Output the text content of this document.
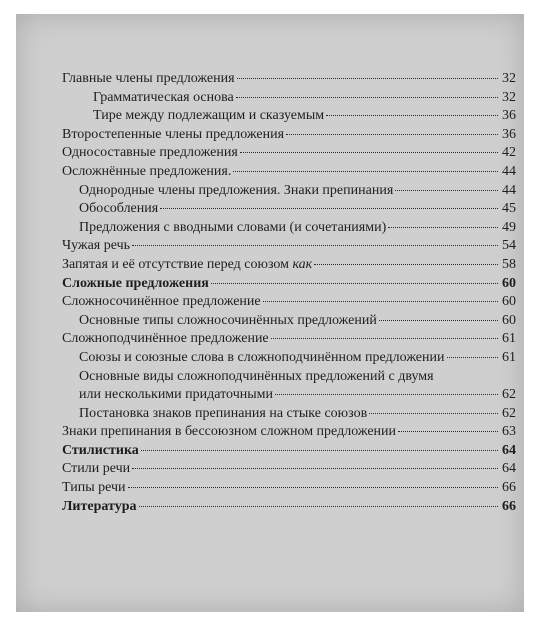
Главные члены предложения	32
Грамматическая основа	32
Тире между подлежащим и сказуемым	36
Второстепенные члены предложения	36
Односоставные предложения	42
Осложнённые предложения.	44
Однородные члены предложения. Знаки препинания	44
Обособления	45
Предложения с вводными словами (и сочетаниями)	49
Чужая речь	54
Запятая и её отсутствие перед союзом как	58
Сложные предложения	60
Сложносочинённое предложение	60
Основные типы сложносочинённых предложений	60
Сложноподчинённое предложение	61
Союзы и союзные слова в сложноподчинённом предложении	61
Основные виды сложноподчинённых предложений с двумя
или несколькими придаточными	62
Постановка знаков препинания на стыке союзов	62
Знаки препинания в бессоюзном сложном предложении	63
Стилистика	64
Стили речи	64
Типы речи	66
Литература	66
